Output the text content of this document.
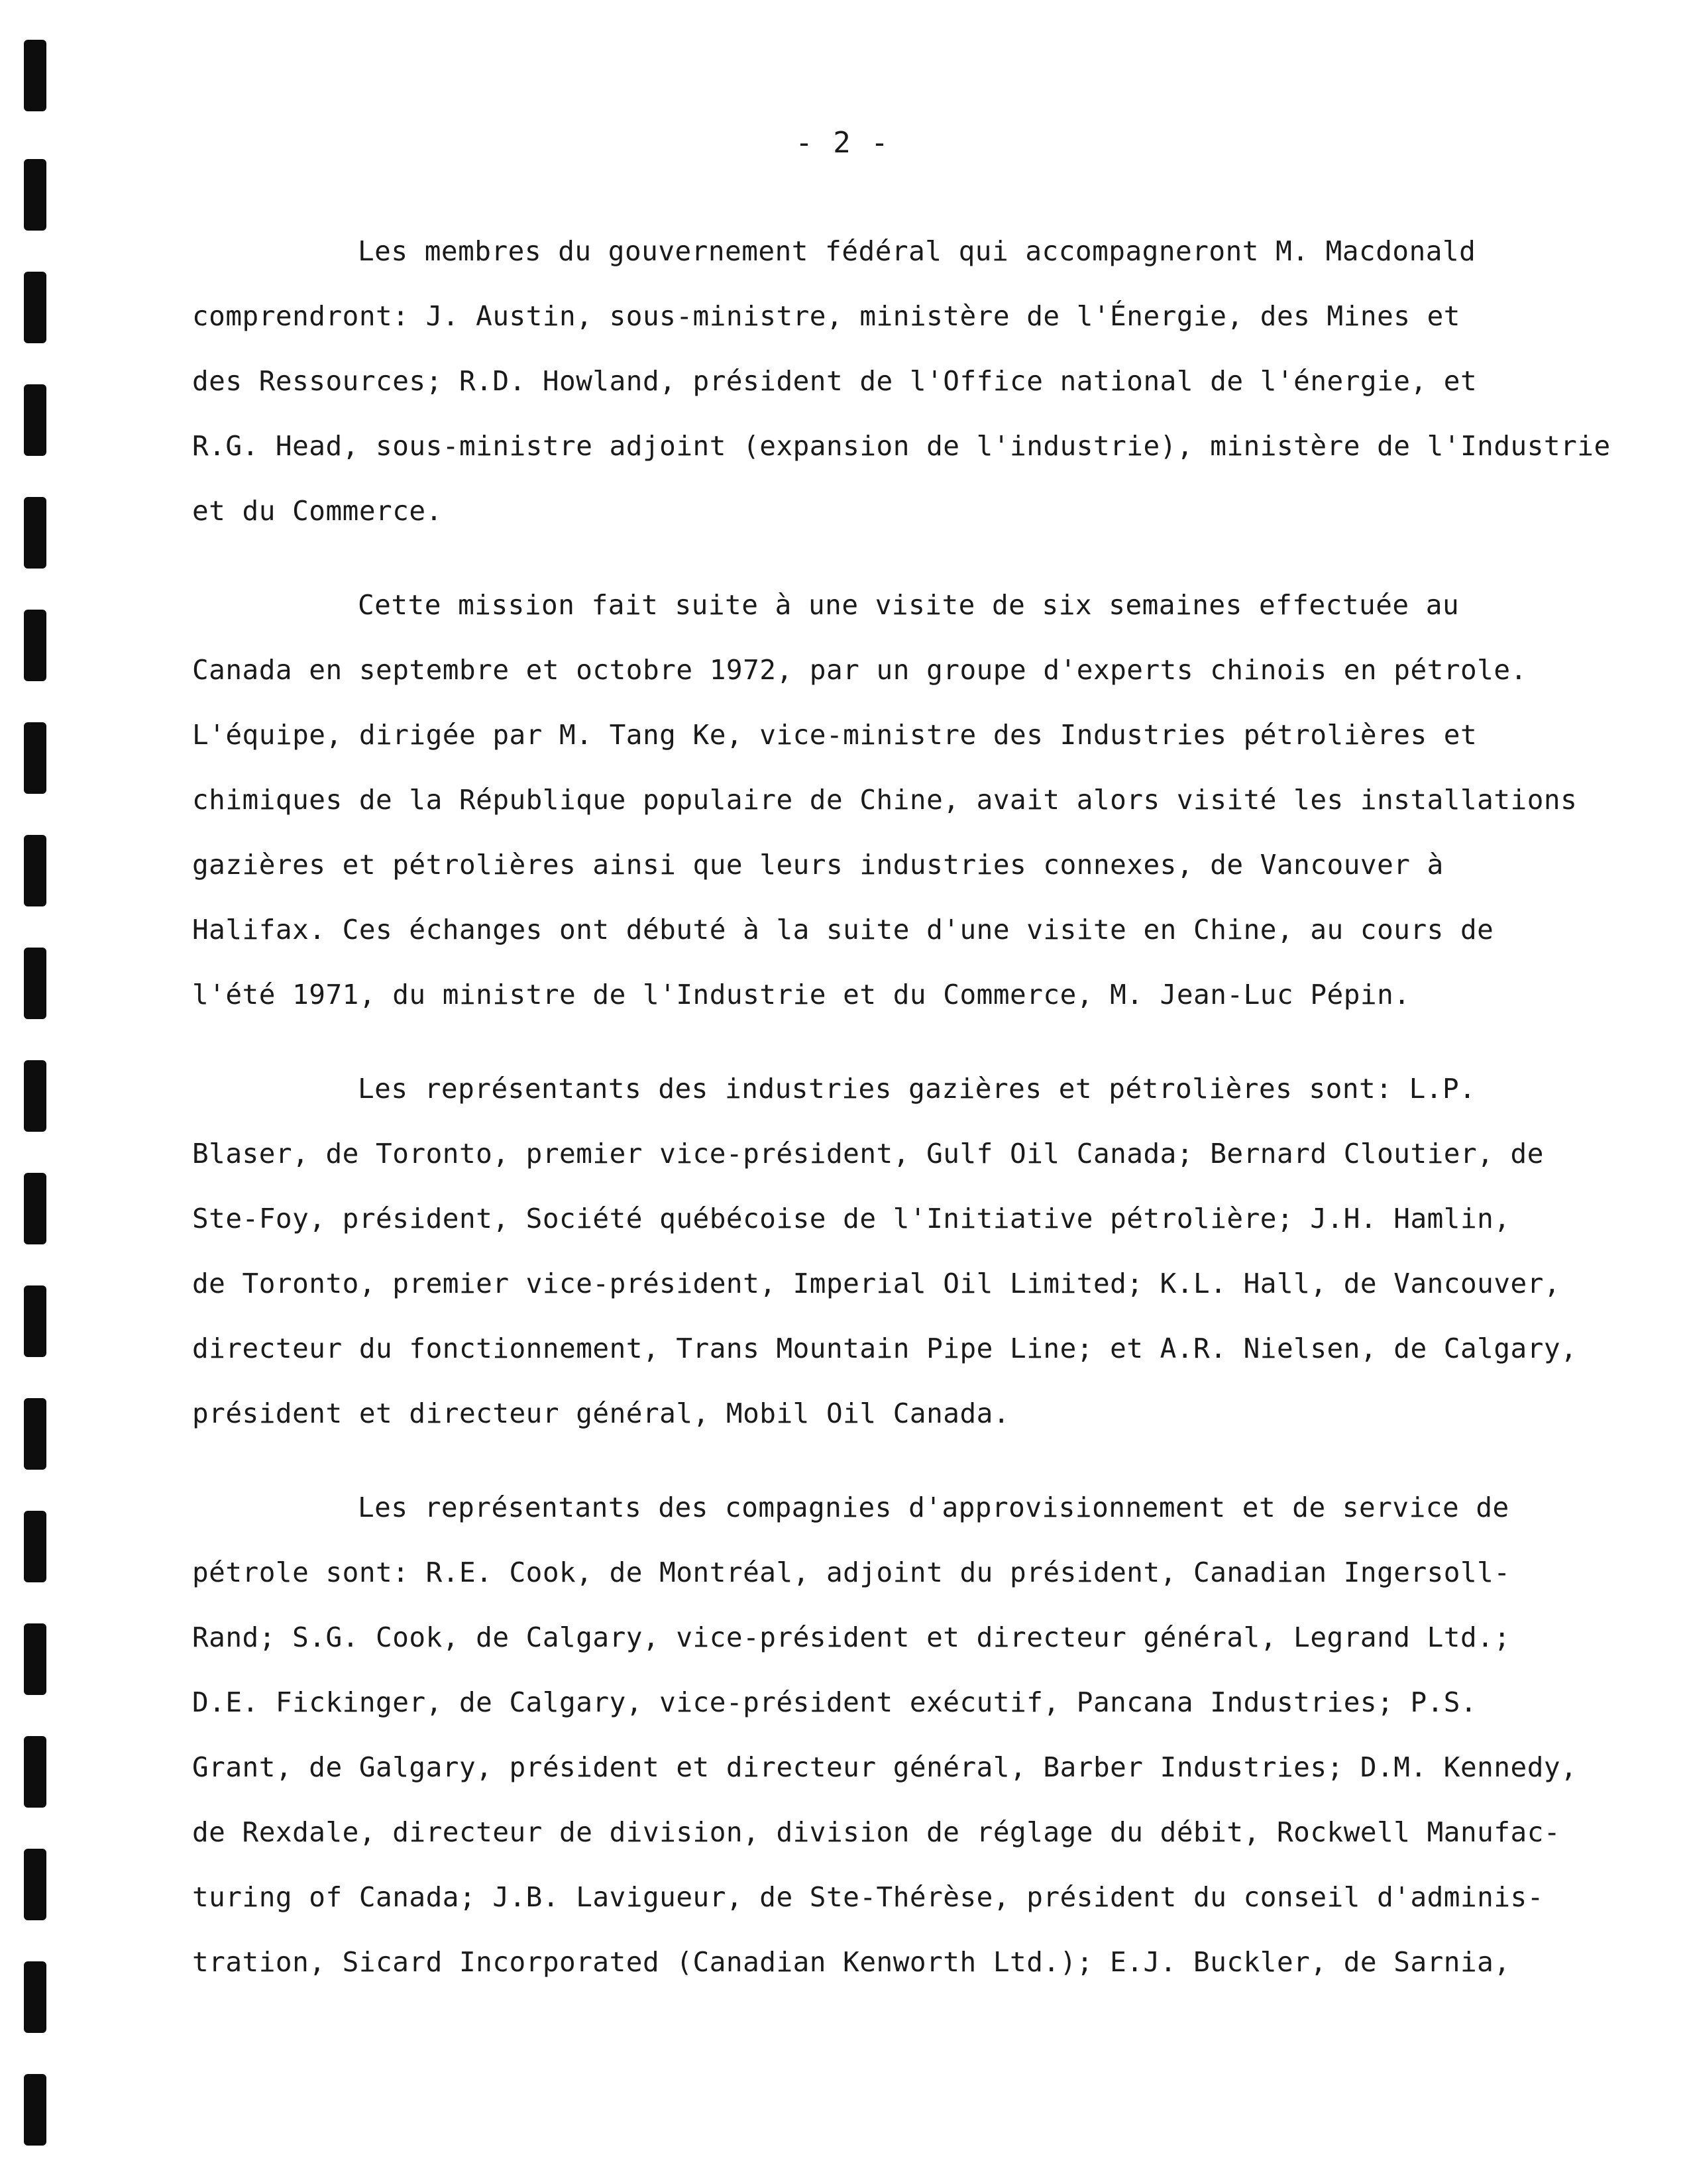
- 2 -
Les membres du gouvernement fédéral qui accompagneront M. Macdonald
comprendront: J. Austin, sous-ministre, ministère de l'Énergie, des Mines et
des Ressources; R.D. Howland, président de l'Office national de l'énergie, et
R.G. Head, sous-ministre adjoint (expansion de l'industrie), ministère de l'Industrie
et du Commerce.
Cette mission fait suite à une visite de six semaines effectuée au
Canada en septembre et octobre 1972, par un groupe d'experts chinois en pétrole.
L'équipe, dirigée par M. Tang Ke, vice-ministre des Industries pétrolières et
chimiques de la République populaire de Chine, avait alors visité les installations
gazières et pétrolières ainsi que leurs industries connexes, de Vancouver à
Halifax. Ces échanges ont débuté à la suite d'une visite en Chine, au cours de
l'été 1971, du ministre de l'Industrie et du Commerce, M. Jean-Luc Pépin.
Les représentants des industries gazières et pétrolières sont: L.P.
Blaser, de Toronto, premier vice-président, Gulf Oil Canada; Bernard Cloutier, de
Ste-Foy, président, Société québécoise de l'Initiative pétrolière; J.H. Hamlin,
de Toronto, premier vice-président, Imperial Oil Limited; K.L. Hall, de Vancouver,
directeur du fonctionnement, Trans Mountain Pipe Line; et A.R. Nielsen, de Calgary,
président et directeur général, Mobil Oil Canada.
Les représentants des compagnies d'approvisionnement et de service de
pétrole sont: R.E. Cook, de Montréal, adjoint du président, Canadian Ingersoll-
Rand; S.G. Cook, de Calgary, vice-président et directeur général, Legrand Ltd.;
D.E. Fickinger, de Calgary, vice-président exécutif, Pancana Industries; P.S.
Grant, de Galgary, président et directeur général, Barber Industries; D.M. Kennedy,
de Rexdale, directeur de division, division de réglage du débit, Rockwell Manufac-
turing of Canada; J.B. Lavigueur, de Ste-Thérèse, président du conseil d'adminis-
tration, Sicard Incorporated (Canadian Kenworth Ltd.); E.J. Buckler, de Sarnia,
